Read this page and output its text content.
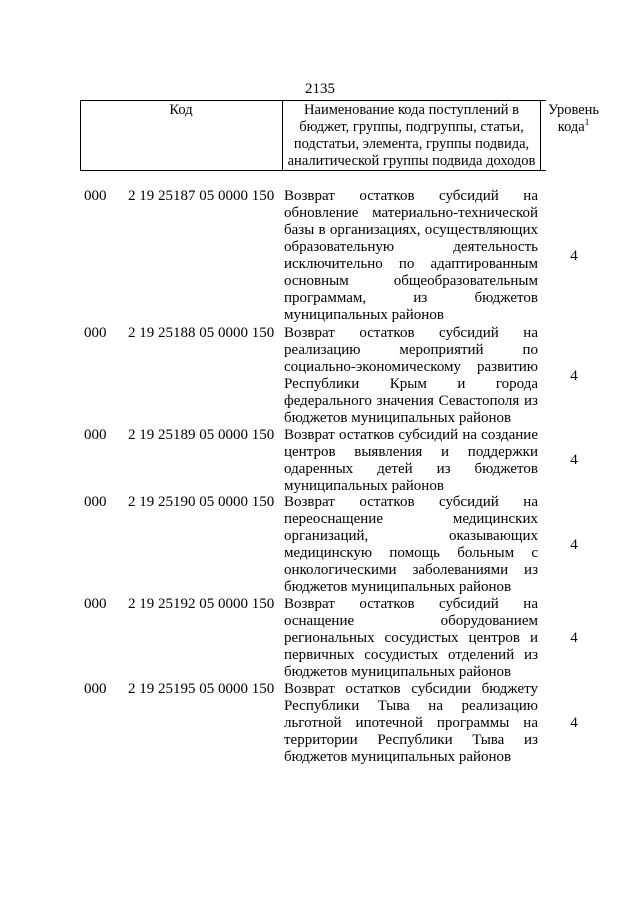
2135
Код	Наименование кода поступлений в бюджет, группы, подгруппы, статьи, подстатьи, элемента, группы подвида, аналитической группы подвида доходов
Уровень кода$^1$
000 2 19 25187 05 0000 150 Возврат остатков субсидий на обновление материально-технической базы в организациях, осуществляющих образовательную деятельность исключительно по адаптированным основным общеобразовательным программам, из бюджетов муниципальных районов
4
000 2 19 25188 05 0000 150 Возврат остатков субсидий на реализацию мероприятий по социально-экономическому развитию Республики Крым и города федерального значения Севастополя из бюджетов муниципальных районов
4
000 2 19 25189 05 0000 150 Возврат остатков субсидий на создание центров выявления и поддержки одаренных детей из бюджетов муниципальных районов
4
000 2 19 25190 05 0000 150 Возврат остатков субсидий на переоснащение медицинских организаций, оказывающих медицинскую помощь больным с онкологическими заболеваниями из бюджетов муниципальных районов
4
000 2 19 25192 05 0000 150 Возврат остатков субсидий на оснащение оборудованием региональных сосудистых центров и первичных сосудистых отделений из бюджетов муниципальных районов
4
000 2 19 25195 05 0000 150 Возврат остатков субсидии бюджету Республики Тыва на реализацию льготной ипотечной программы на территории Республики Тыва из бюджетов муниципальных районов
4
